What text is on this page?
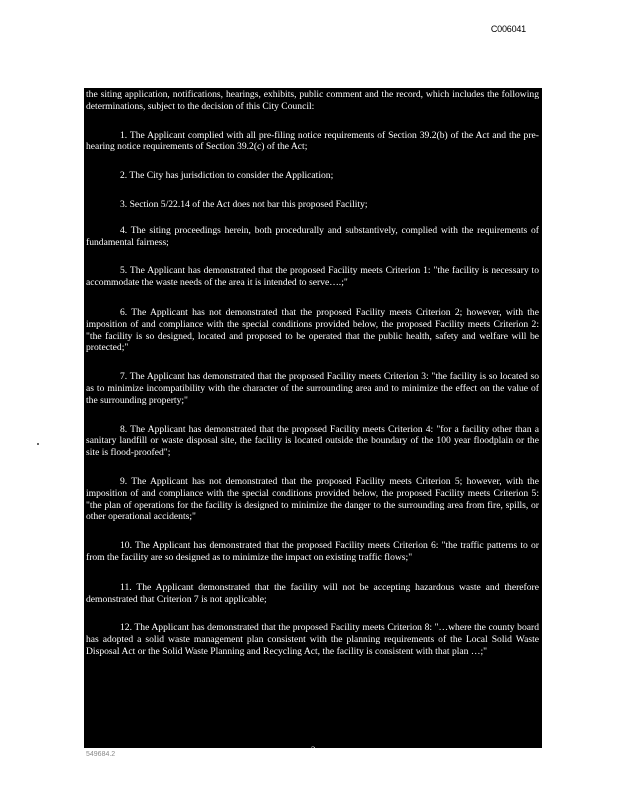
C006041

the siting application, notifications, hearings, exhibits, public comment and the record, which includes the following determinations, subject to the decision of this City Council:

1. The Applicant complied with all pre-filing notice requirements of Section 39.2(b) of the Act and the pre-hearing notice requirements of Section 39.2(c) of the Act;

2. The City has jurisdiction to consider the Application;

3. Section 5/22.14 of the Act does not bar this proposed Facility;

4. The siting proceedings herein, both procedurally and substantively, complied with the requirements of fundamental fairness;

5. The Applicant has demonstrated that the proposed Facility meets Criterion 1: "the facility is necessary to accommodate the waste needs of the area it is intended to serve….;"

6. The Applicant has not demonstrated that the proposed Facility meets Criterion 2; however, with the imposition of and compliance with the special conditions provided below, the proposed Facility meets Criterion 2: "the facility is so designed, located and proposed to be operated that the public health, safety and welfare will be protected;"

7. The Applicant has demonstrated that the proposed Facility meets Criterion 3: "the facility is so located so as to minimize incompatibility with the character of the surrounding area and to minimize the effect on the value of the surrounding property;"

8. The Applicant has demonstrated that the proposed Facility meets Criterion 4: "for a facility other than a sanitary landfill or waste disposal site, the facility is located outside the boundary of the 100 year floodplain or the site is flood-proofed";

9. The Applicant has not demonstrated that the proposed Facility meets Criterion 5; however, with the imposition of and compliance with the special conditions provided below, the proposed Facility meets Criterion 5: "the plan of operations for the facility is designed to minimize the danger to the surrounding area from fire, spills, or other operational accidents;"

10. The Applicant has demonstrated that the proposed Facility meets Criterion 6: "the traffic patterns to or from the facility are so designed as to minimize the impact on existing traffic flows;"

11. The Applicant demonstrated that the facility will not be accepting hazardous waste and therefore demonstrated that Criterion 7 is not applicable;

12. The Applicant has demonstrated that the proposed Facility meets Criterion 8: "…where the county board has adopted a solid waste management plan consistent with the planning requirements of the Local Solid Waste Disposal Act or the Solid Waste Planning and Recycling Act, the facility is consistent with that plan …;"

549684.2	2
